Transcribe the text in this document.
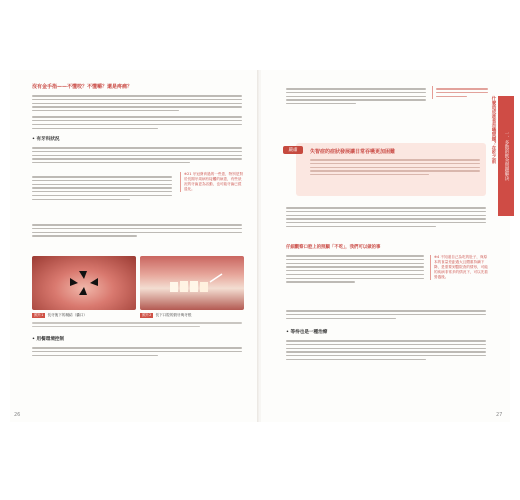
沒有金手指——不懂咬？不懂嚼？還是疼痛？
• 有牙科狀況
※21 牙冠發育過的一些患，特別是對於長期牙周病有接觸的病患，有些狀況的牙齒更為活動，也可能牙齒已經退化。
照片1 長牙後下的凝結（囊口）	照片2 長下口腔的鼓牙與牙根
• 用餐環境控制
26
一．多数的飲食問題解決
什麼造成進食吞嚥問題？在吃之前
嚴肅	失智症的症狀發展讓日常吞嚥更加困難
仔細觀察口腔上的照顧「不吃」，我們可以做的事
※4 不知道自己為吃的肚子，與原本的食量差距過大且體重持續下降，是需要到醫院查的情形，可能的疾病非常多的情況下，可以先看營養後。
• 等待也是一種治療
27
